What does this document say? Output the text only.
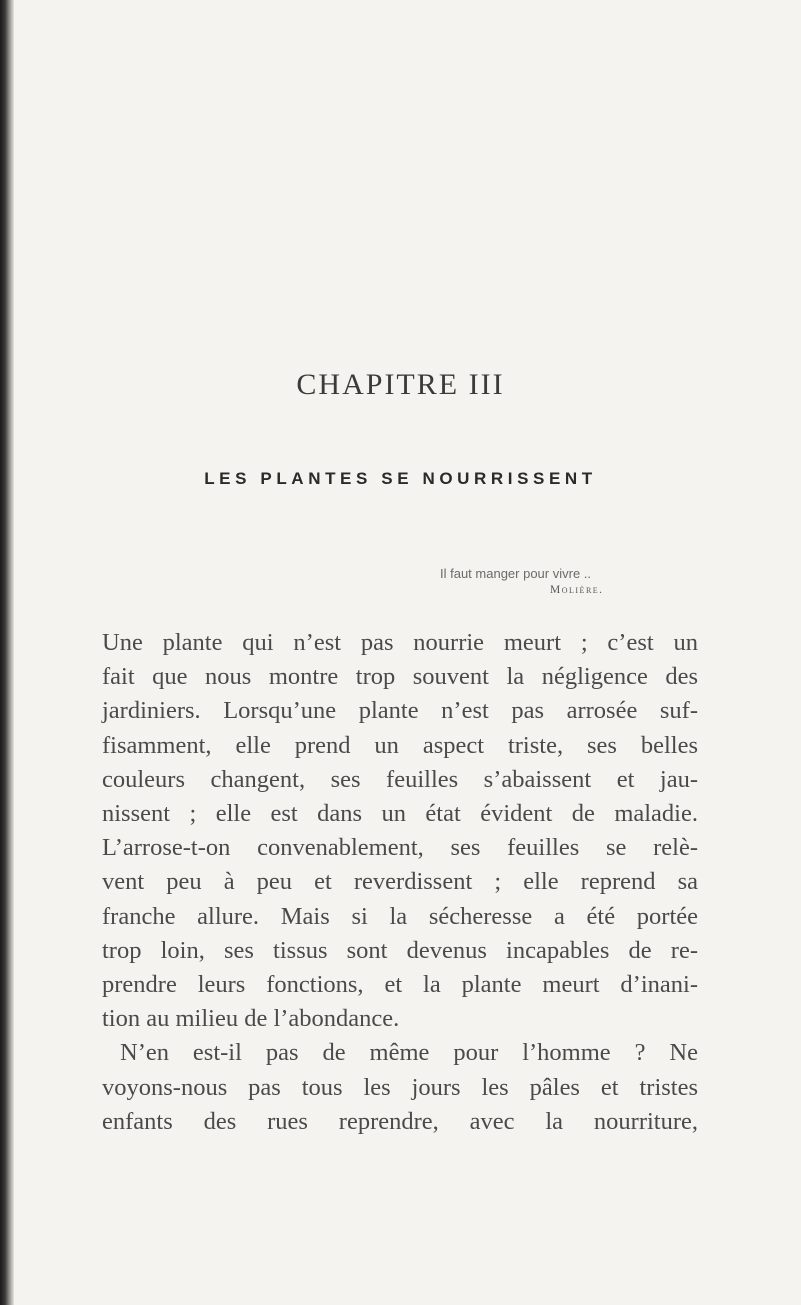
CHAPITRE III
LES PLANTES SE NOURRISSENT
Il faut manger pour vivre ..
Molière.
Une plante qui n’est pas nourrie meurt ; c’est un
fait que nous montre trop souvent la négligence des
jardiniers. Lorsqu’une plante n’est pas arrosée suf-
fisamment, elle prend un aspect triste, ses belles
couleurs changent, ses feuilles s’abaissent et jau-
nissent ; elle est dans un état évident de maladie.
L’arrose-t-on convenablement, ses feuilles se relè-
vent peu à peu et reverdissent ; elle reprend sa
franche allure. Mais si la sécheresse a été portée
trop loin, ses tissus sont devenus incapables de re-
prendre leurs fonctions, et la plante meurt d’inani-
tion au milieu de l’abondance.
N’en est-il pas de même pour l’homme ? Ne
voyons-nous pas tous les jours les pâles et tristes
enfants des rues reprendre, avec la nourriture,
